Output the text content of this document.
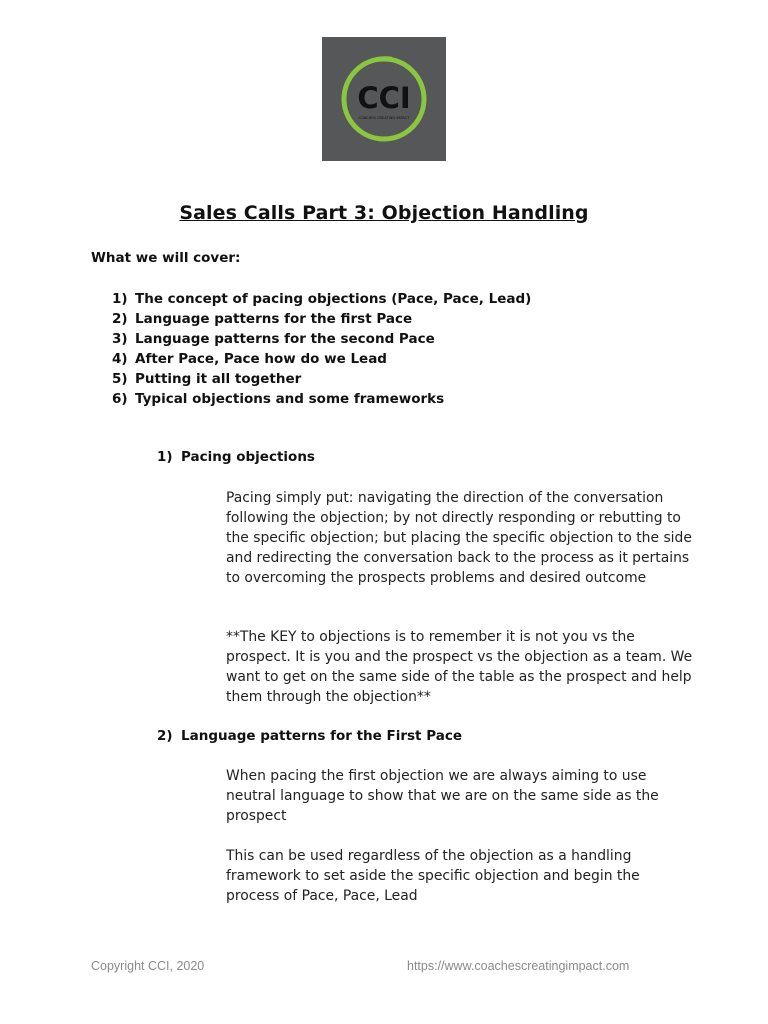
CCI
COACHES CREATING IMPACT
Sales Calls Part 3: Objection Handling
What we will cover:
1) The concept of pacing objections (Pace, Pace, Lead)
2) Language patterns for the first Pace
3) Language patterns for the second Pace
4) After Pace, Pace how do we Lead
5) Putting it all together
6) Typical objections and some frameworks
1) Pacing objections

Pacing simply put: navigating the direction of the conversation following the objection; by not directly responding or rebutting to the specific objection; but placing the specific objection to the side and redirecting the conversation back to the process as it pertains to overcoming the prospects problems and desired outcome

**The KEY to objections is to remember it is not you vs the prospect. It is you and the prospect vs the objection as a team. We want to get on the same side of the table as the prospect and help them through the objection**

2) Language patterns for the First Pace

When pacing the first objection we are always aiming to use neutral language to show that we are on the same side as the prospect

This can be used regardless of the objection as a handling framework to set aside the specific objection and begin the process of Pace, Pace, Lead

Copyright CCI, 2020	https://www.coachescreatingimpact.com
